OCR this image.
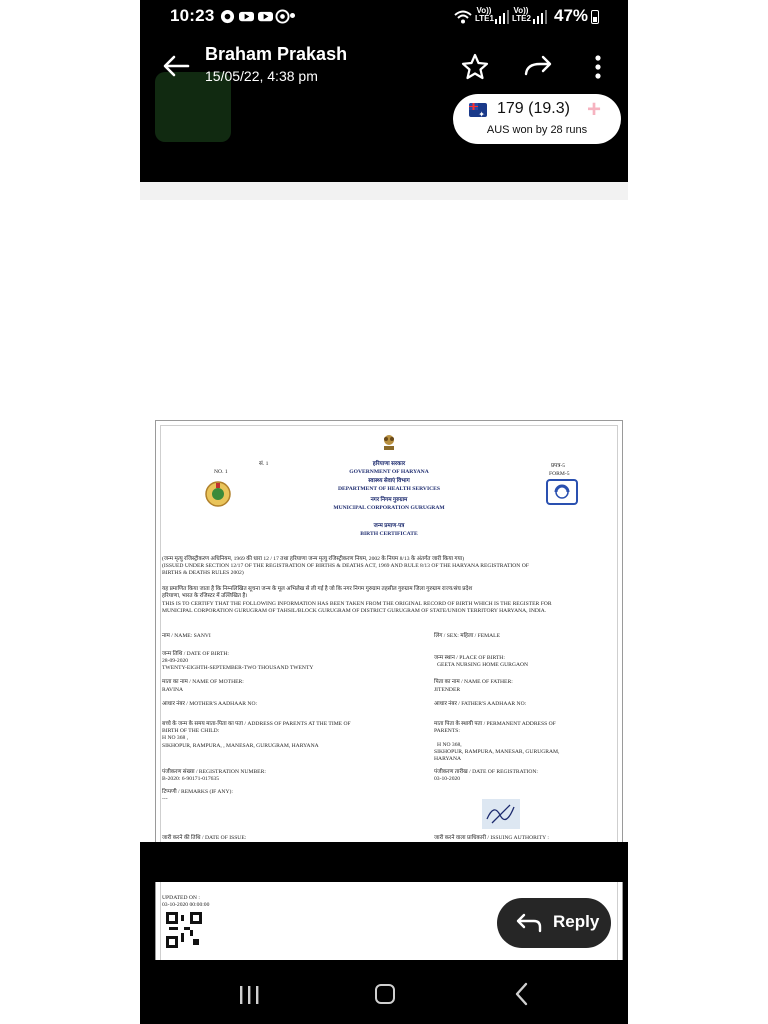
10:23	Vo)) LTE1
Vo)) LTE2 47%
Braham Prakash
15/05/22, 4:38 pm
✦
179 (19.3) +
AUS won by 28 runs
सं. 1
NO. 1
प्रपत्र-5
FORM-5
हरियाणा सरकार
GOVERNMENT OF HARYANA
स्वास्थ्य सेवाएं विभाग
DEPARTMENT OF HEALTH SERVICES
नगर निगम गुरुग्राम
MUNICIPAL CORPORATION GURUGRAM
जन्म प्रमाण-पत्र
BIRTH CERTIFICATE
(जन्म मृत्यु रजिस्ट्रीकरण अधिनियम, 1969 की धारा 12 / 17 तथा हरियाणा जन्म मृत्यु रजिस्ट्रीकरण नियम, 2002 के नियम 8/13 के अंतर्गत जारी किया गया)
(ISSUED UNDER SECTION 12/17 OF THE REGISTRATION OF BIRTHS & DEATHS ACT, 1969 AND RULE 8/13 OF THE HARYANA REGISTRATION OF
BIRTHS & DEATHS RULES 2002)
यह प्रमाणित किया जाता है कि निम्नलिखित सूचना जन्म के मूल अभिलेख से ली गई है जो कि नगर निगम गुरुग्राम तहसील गुरुग्राम जिला गुरुग्राम राज्य/संघ प्रदेश
हरियाणा, भारत के रजिस्टर में उल्लिखित है।
THIS IS TO CERTIFY THAT THE FOLLOWING INFORMATION HAS BEEN TAKEN FROM THE ORIGINAL RECORD OF BIRTH WHICH IS THE REGISTER FOR
MUNICIPAL CORPORATION GURUGRAM OF TAHSIL/BLOCK GURUGRAM OF DISTRICT GURUGRAM OF STATE/UNION TERRITORY HARYANA, INDIA.
नाम / NAME: SANVI	लिंग / SEX: महिला / FEMALE
जन्म तिथि / DATE OF BIRTH:
28-09-2020
TWENTY-EIGHTH-SEPTEMBER-TWO THOUSAND TWENTY
जन्म स्थान / PLACE OF BIRTH:
GEETA NURSING HOME GURGAON
माता का नाम / NAME OF MOTHER:
RAVINA
पिता का नाम / NAME OF FATHER:
JITENDER
आधार नंबर / MOTHER'S AADHAAR NO:	आधार नंबर / FATHER'S AADHAAR NO:
बच्चे के जन्म के समय माता-पिता का पता / ADDRESS OF PARENTS AT THE TIME OF
BIRTH OF THE CHILD:
H NO 368 ,
SIKHOPUR, RAMPURA, , MANESAR, GURUGRAM, HARYANA
माता पिता के स्थायी पता / PERMANENT ADDRESS OF
PARENTS:
H NO 368,
SIKHOPUR, RAMPURA, MANESAR, GURUGRAM,
HARYANA
पंजीकरण संख्या / REGISTRATION NUMBER:
B-2020: 6-90171-017635
पंजीकरण तारीख / DATE OF REGISTRATION:
03-10-2020
टिप्पणी / REMARKS (IF ANY):
---
जारी करने की तिथि / DATE OF ISSUE:	जारी करने वाला प्राधिकारी / ISSUING AUTHORITY :
UPDATED ON :
03-10-2020 00:00:00
Reply
